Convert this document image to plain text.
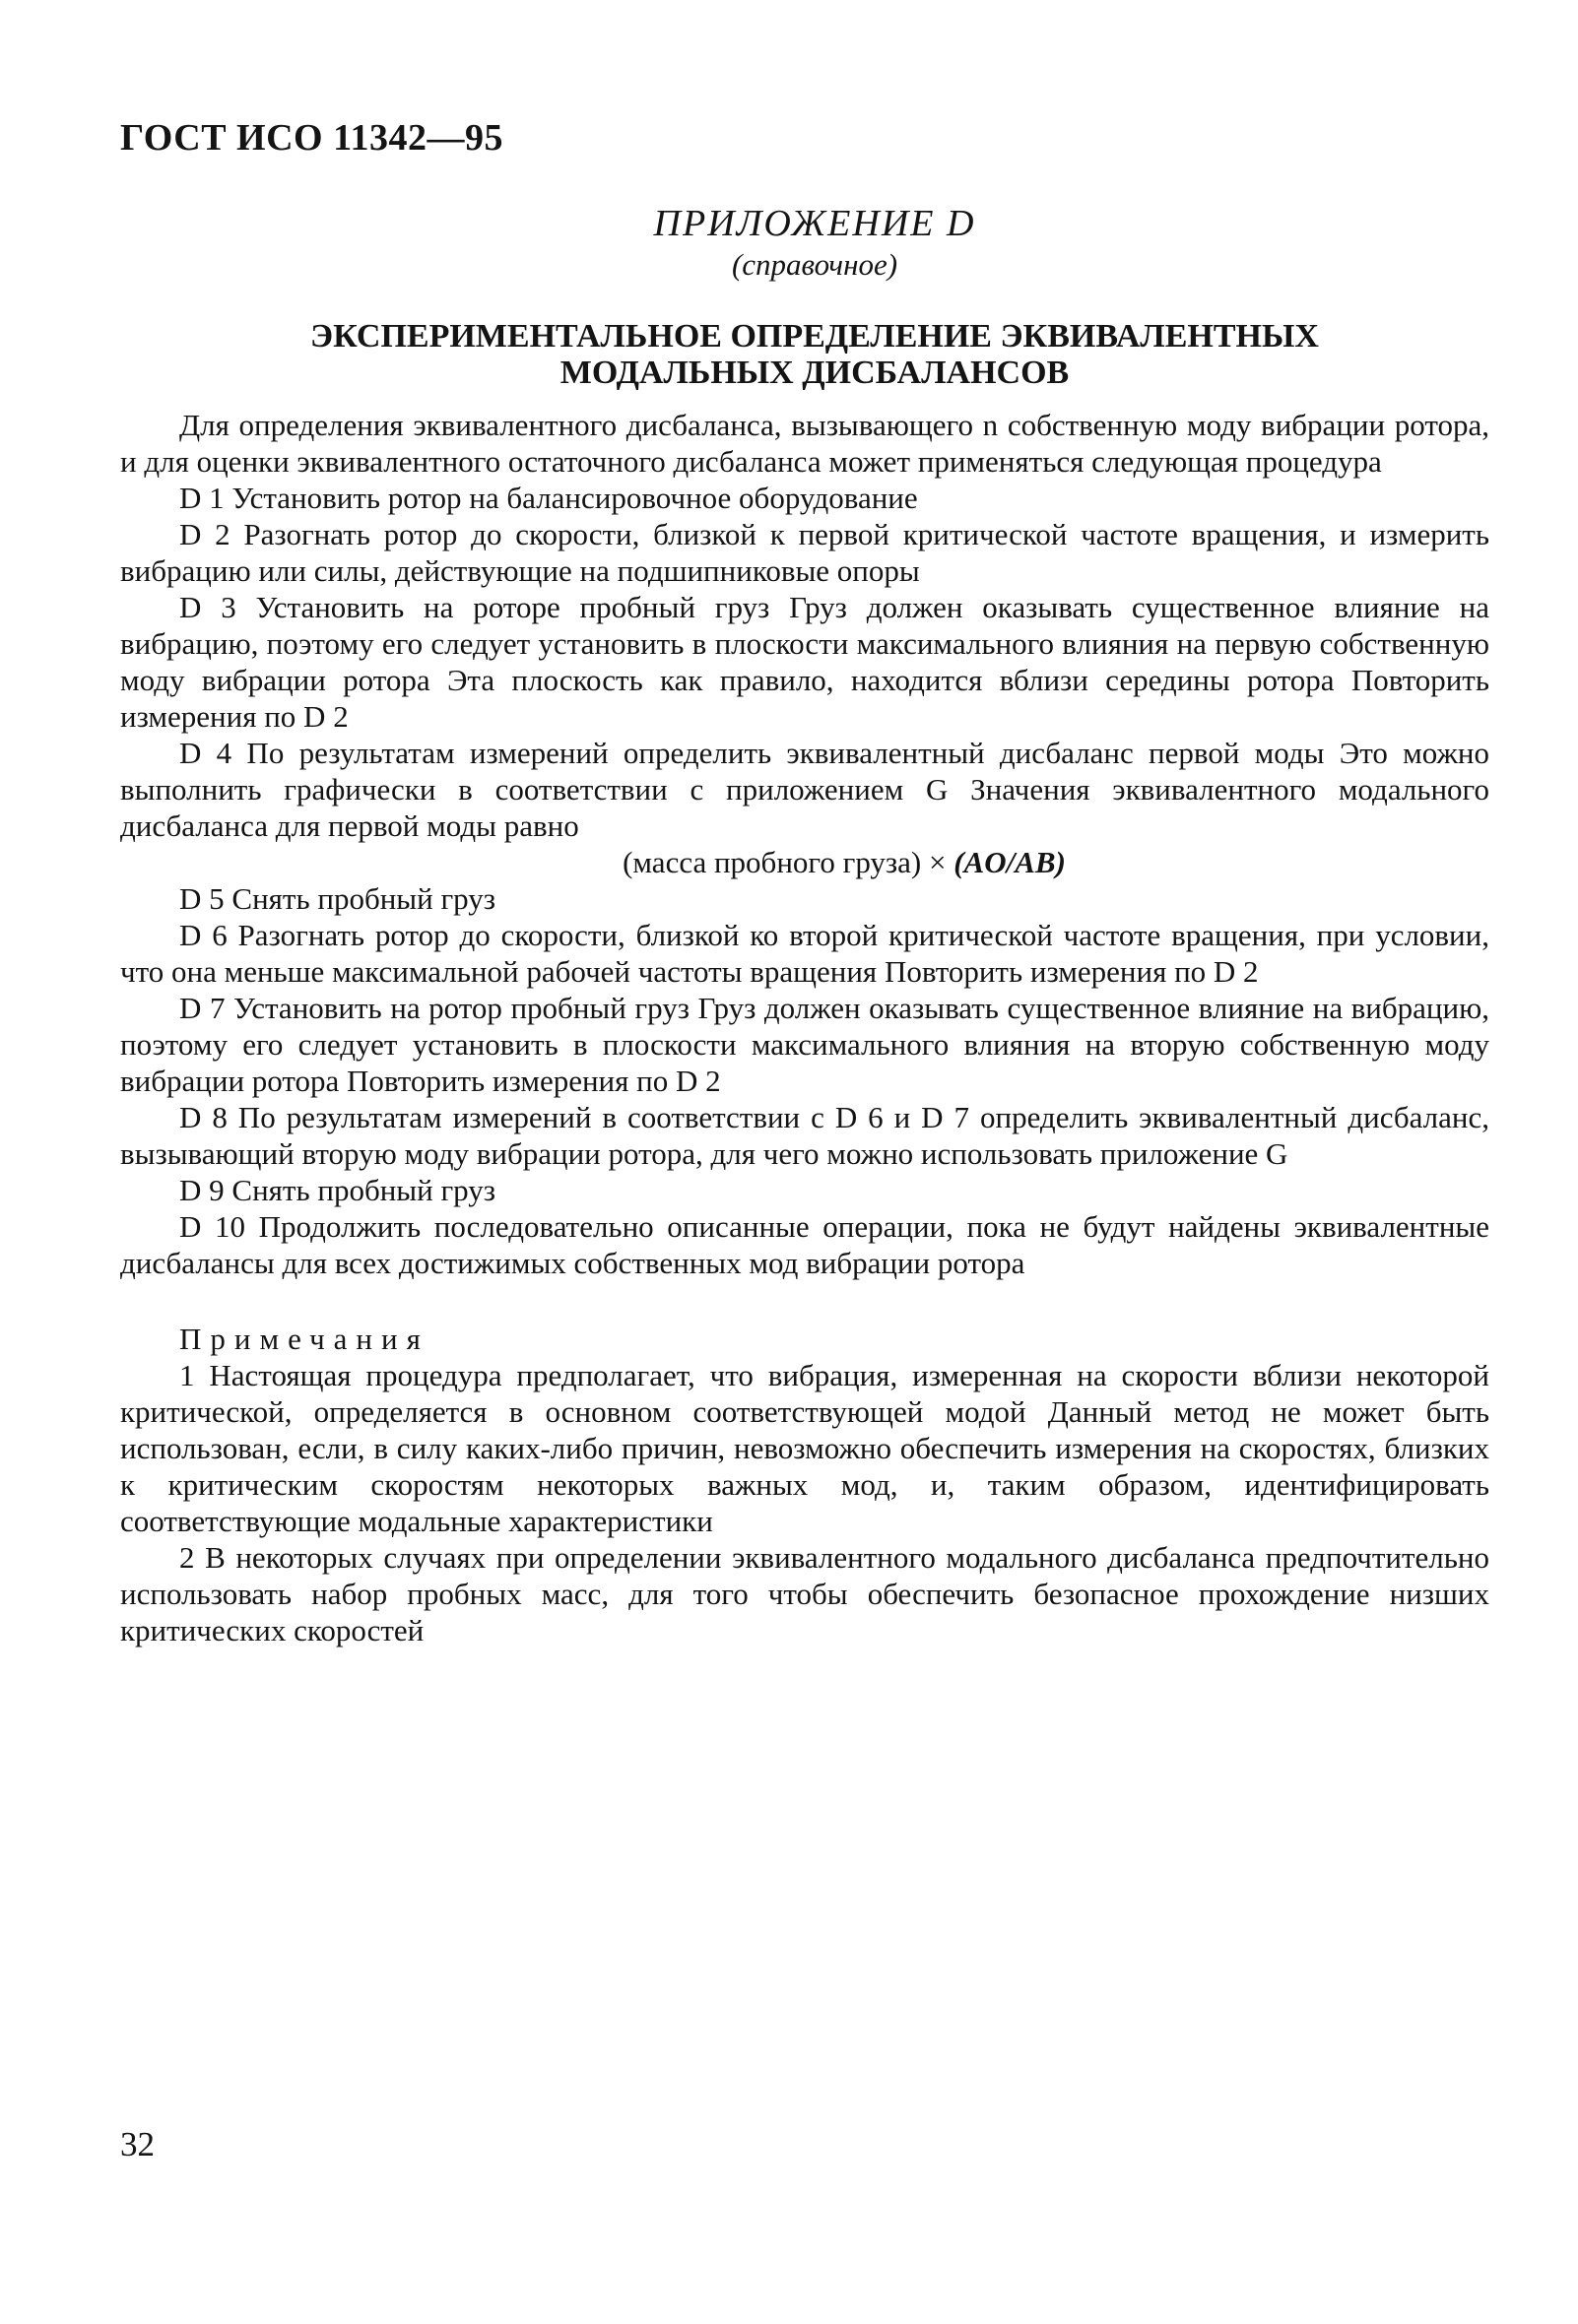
ГОСТ ИСО 11342—95
ПРИЛОЖЕНИЕ D
(справочное)
ЭКСПЕРИМЕНТАЛЬНОЕ ОПРЕДЕЛЕНИЕ ЭКВИВАЛЕНТНЫХ
МОДАЛЬНЫХ ДИСБАЛАНСОВ

Для определения эквивалентного дисбаланса, вызывающего n собственную моду вибрации ротора, и для оценки эквивалентного остаточного дисбаланса может применяться следующая процедура

D 1 Установить ротор на балансировочное оборудование

D 2 Разогнать ротор до скорости, близкой к первой критической частоте вращения, и измерить вибрацию или силы, действующие на подшипниковые опоры

D 3 Установить на роторе пробный груз Груз должен оказывать существенное влияние на вибрацию, поэтому его следует установить в плоскости максимального влияния на первую собственную моду вибрации ротора Эта плоскость как правило, находится вблизи середины ротора Повторить измерения по D 2

D 4 По результатам измерений определить эквивалентный дисбаланс первой моды Это можно выполнить графически в соответствии с приложением G Значения эквивалентного модального дисбаланса для первой моды равно

(масса пробного груза) × (AO/AB)

D 5 Снять пробный груз

D 6 Разогнать ротор до скорости, близкой ко второй критической частоте вращения, при условии, что она меньше максимальной рабочей частоты вращения Повторить измерения по D 2

D 7 Установить на ротор пробный груз Груз должен оказывать существенное влияние на вибрацию, поэтому его следует установить в плоскости максимального влияния на вторую собственную моду вибрации ротора Повторить измерения по D 2

D 8 По результатам измерений в соответствии с D 6 и D 7 определить эквивалентный дисбаланс, вызывающий вторую моду вибрации ротора, для чего можно использовать приложение G

D 9 Снять пробный груз

D 10 Продолжить последовательно описанные операции, пока не будут найдены эквивалентные дисбалансы для всех достижимых собственных мод вибрации ротора

Примечания

1 Настоящая процедура предполагает, что вибрация, измеренная на скорости вблизи некоторой критической, определяется в основном соответствующей модой Данный метод не может быть использован, если, в силу каких-либо причин, невозможно обеспечить измерения на скоростях, близких к критическим скоростям некоторых важных мод, и, таким образом, идентифицировать соответствующие модальные характеристики

2 В некоторых случаях при определении эквивалентного модального дисбаланса предпочтительно использовать набор пробных масс, для того чтобы обеспечить безопасное прохождение низших критических скоростей

32
